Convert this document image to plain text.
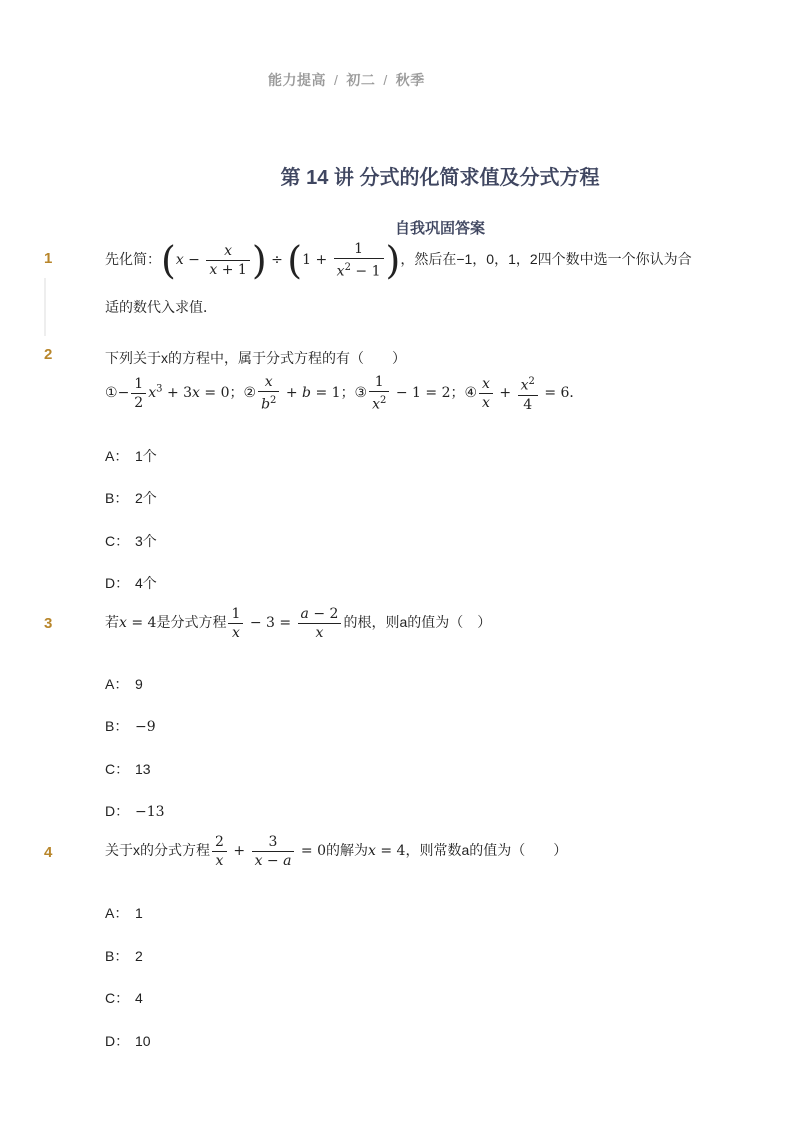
能力提高 / 初二 / 秋季
第 14 讲 分式的化简求值及分式方程
自我巩固答案
1	先化简：($x - \frac{x}{x + 1}$ ) ÷ ($1 + \frac{1}{x^2 - 1}$ )，然后在−1，0，1，2四个数中选一个你认为合
适的数代入求值．
2	下列关于x的方程中，属于分式方程的有（　　）
①− $\frac{1}{2} x^3 + 3x = 0$；② $\frac{x}{b^2} + b = 1$；③ $\frac{1}{x^2} - 1 = 2$；④ $\frac{x}{x} + \frac{x^2}{4} = 6$．
A： 1个
B： 2个
C： 3个
D： 4个
3	若x = 4是分式方程 $\frac{1}{x} - 3 = \frac{a - 2}{x}$ 的根，则a的值为（　）
A： 9
B： −9
C： 13
D： −13
4	关于x的分式方程 $\frac{2}{x} + \frac{3}{x - a} = 0$的解为x = 4，则常数a的值为（　　）
A： 1
B： 2
C： 4
D： 10
